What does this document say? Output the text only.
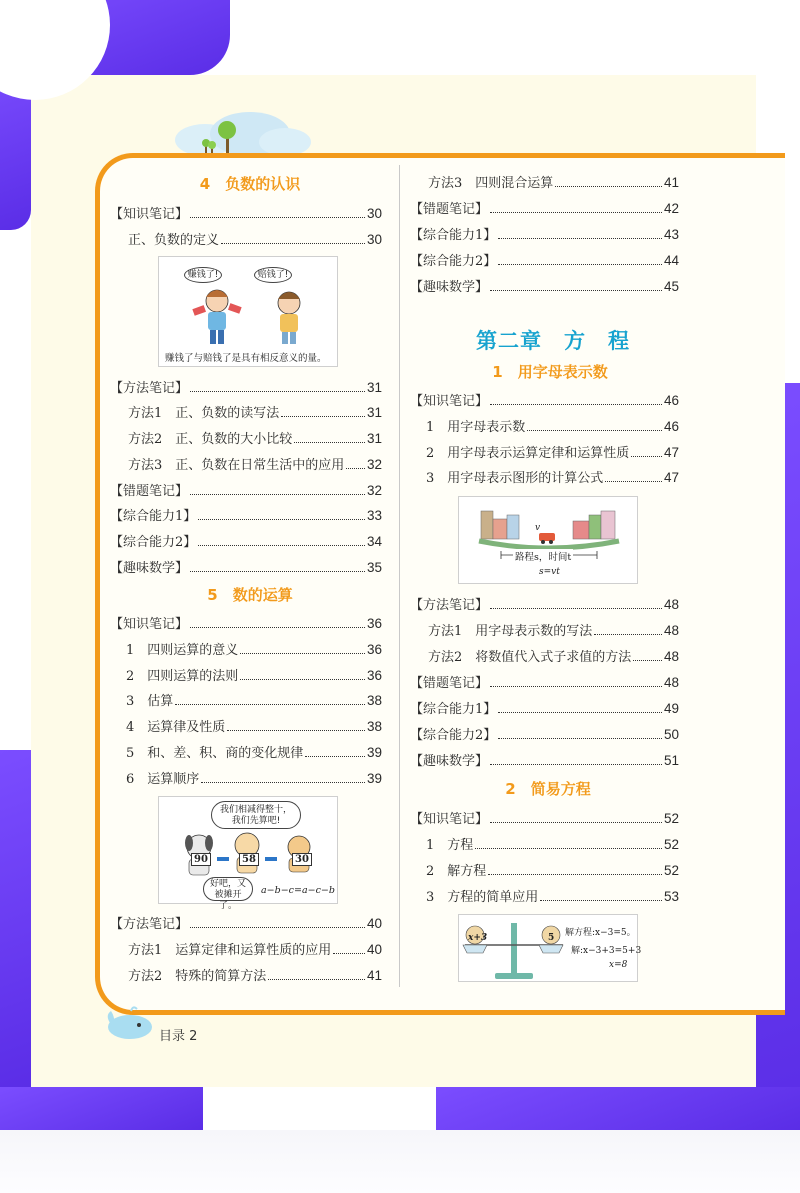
4　负数的认识
【知识笔记】	30
正、负数的定义	30
赚钱了!	赔钱了!
赚钱了与赔钱了是具有相反意义的量。
【方法笔记】	31
方法1　正、负数的读写法	31
方法2　正、负数的大小比较	31
方法3　正、负数在日常生活中的应用 32
【错题笔记】	32
【综合能力1】	33
【综合能力2】	34
【趣味数学】	35
5　数的运算
【知识笔记】	36
1　四则运算的意义	36
2　四则运算的法则	36
3　估算	38
4　运算律及性质	38
5　和、差、积、商的变化规律	39
6　运算顺序	39
我们相减得整十，我们先算吧!
90	58	30
好吧，又被摊开了。
a−b−c=a−c−b
【方法笔记】	40
方法1　运算定律和运算性质的应用	40
方法2　特殊的简算方法	41
方法3　四则混合运算	41
【错题笔记】	42
【综合能力1】	43
【综合能力2】	44
【趣味数学】	45
第二章　方　程
1　用字母表示数
【知识笔记】	46
1　用字母表示数	46
2　用字母表示运算定律和运算性质	47
3　用字母表示图形的计算公式	47
v
路程s，时间t
s=vt
【方法笔记】	48
方法1　用字母表示数的写法	48
方法2　将数值代入式子求值的方法 48
【错题笔记】	48
【综合能力1】	49
【综合能力2】	50
【趣味数学】	51
2　简易方程
【知识笔记】	52
1　方程	52
2　解方程	52
3　方程的简单应用	53
x+3	5 解方程:x−3=5。
解:x−3+3=5+3
x=8
目录 2
